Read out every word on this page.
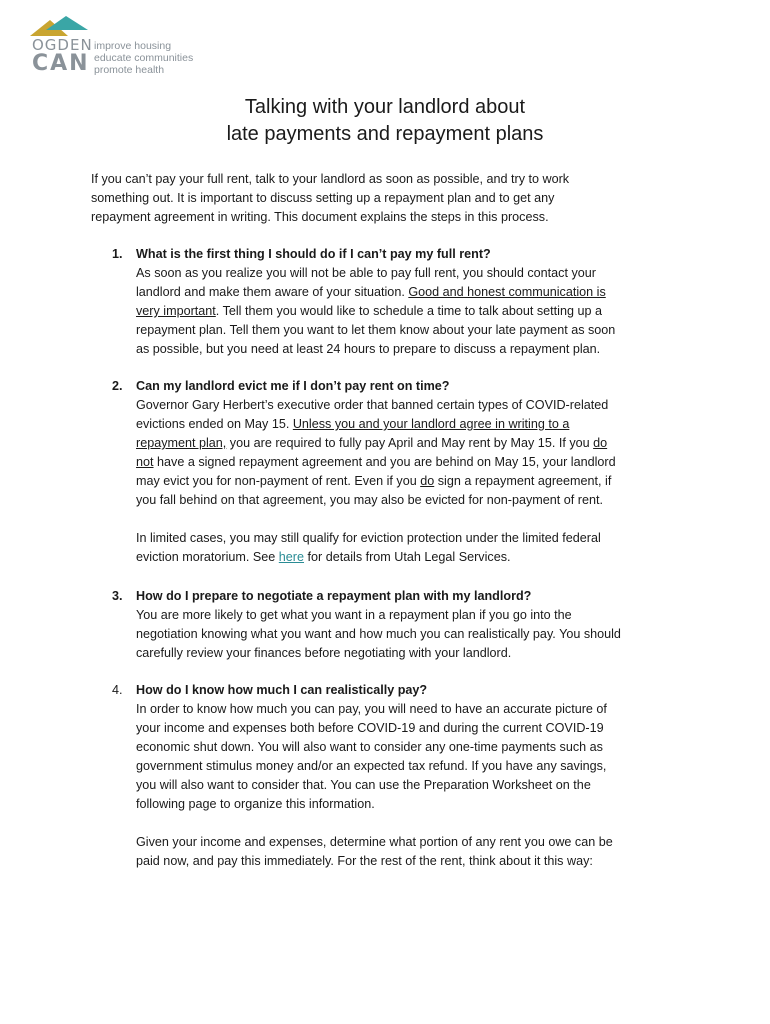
OGDEN
CAN
improve housing
educate communities
promote health
Talking with your landlord about
late payments and repayment plans
If you can’t pay your full rent, talk to your landlord as soon as possible, and try to work
something out. It is important to discuss setting up a repayment plan and to get any
repayment agreement in writing. This document explains the steps in this process.
1. What is the first thing I should do if I can’t pay my full rent?

As soon as you realize you will not be able to pay full rent, you should contact your

landlord and make them aware of your situation. Good and honest communication is

very important. Tell them you would like to schedule a time to talk about setting up a

repayment plan. Tell them you want to let them know about your late payment as soon

as possible, but you need at least 24 hours to prepare to discuss a repayment plan.

2. Can my landlord evict me if I don’t pay rent on time?

Governor Gary Herbert’s executive order that banned certain types of COVID-related

evictions ended on May 15. Unless you and your landlord agree in writing to a

repayment plan, you are required to fully pay April and May rent by May 15. If you do

not have a signed repayment agreement and you are behind on May 15, your landlord

may evict you for non-payment of rent. Even if you do sign a repayment agreement, if

you fall behind on that agreement, you may also be evicted for non-payment of rent.

In limited cases, you may still qualify for eviction protection under the limited federal

eviction moratorium. See here for details from Utah Legal Services.

3. How do I prepare to negotiate a repayment plan with my landlord?

You are more likely to get what you want in a repayment plan if you go into the

negotiation knowing what you want and how much you can realistically pay. You should

carefully review your finances before negotiating with your landlord.

4. How do I know how much I can realistically pay?

In order to know how much you can pay, you will need to have an accurate picture of

your income and expenses both before COVID-19 and during the current COVID-19

economic shut down. You will also want to consider any one-time payments such as

government stimulus money and/or an expected tax refund. If you have any savings,

you will also want to consider that. You can use the Preparation Worksheet on the

following page to organize this information.

Given your income and expenses, determine what portion of any rent you owe can be

paid now, and pay this immediately. For the rest of the rent, think about it this way:
